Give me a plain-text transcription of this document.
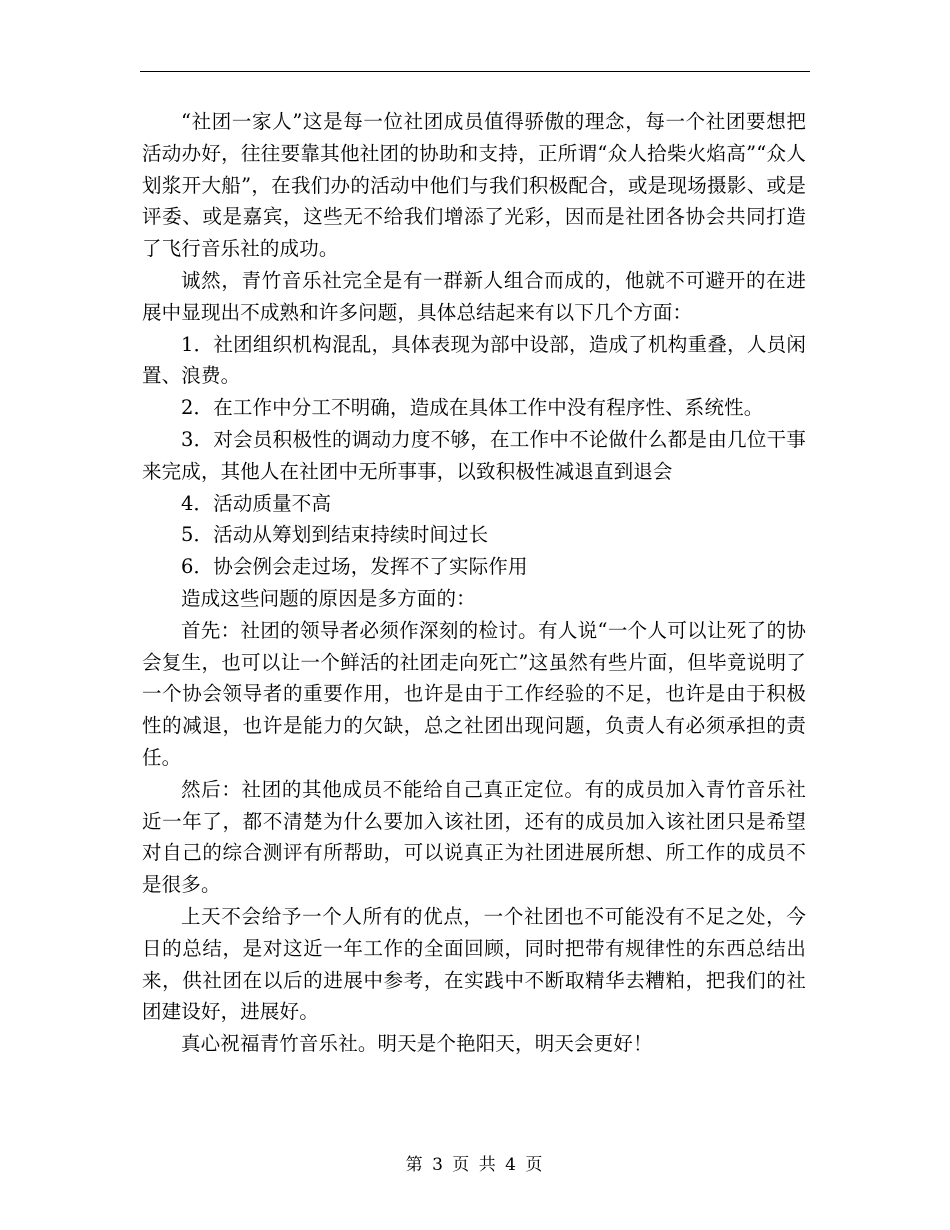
“社团一家人”这是每一位社团成员值得骄傲的理念，每一个社团要想把活动办好，往往要靠其他社团的协助和支持，正所谓“众人拾柴火焰高”“众人划浆开大船”，在我们办的活动中他们与我们积极配合，或是现场摄影、或是评委、或是嘉宾，这些无不给我们增添了光彩，因而是社团各协会共同打造了飞行音乐社的成功。

诚然，青竹音乐社完全是有一群新人组合而成的，他就不可避开的在进展中显现出不成熟和许多问题，具体总结起来有以下几个方面：

1．社团组织机构混乱，具体表现为部中设部，造成了机构重叠，人员闲置、浪费。

2．在工作中分工不明确，造成在具体工作中没有程序性、系统性。

3．对会员积极性的调动力度不够，在工作中不论做什么都是由几位干事来完成，其他人在社团中无所事事，以致积极性减退直到退会

4．活动质量不高

5．活动从筹划到结束持续时间过长

6．协会例会走过场，发挥不了实际作用

造成这些问题的原因是多方面的：

首先：社团的领导者必须作深刻的检讨。有人说“一个人可以让死了的协会复生，也可以让一个鲜活的社团走向死亡”这虽然有些片面，但毕竟说明了一个协会领导者的重要作用，也许是由于工作经验的不足，也许是由于积极性的减退，也许是能力的欠缺，总之社团出现问题，负责人有必须承担的责任。

然后：社团的其他成员不能给自己真正定位。有的成员加入青竹音乐社近一年了，都不清楚为什么要加入该社团，还有的成员加入该社团只是希望对自己的综合测评有所帮助，可以说真正为社团进展所想、所工作的成员不是很多。

上天不会给予一个人所有的优点，一个社团也不可能没有不足之处，今日的总结，是对这近一年工作的全面回顾，同时把带有规律性的东西总结出来，供社团在以后的进展中参考，在实践中不断取精华去糟粕，把我们的社团建设好，进展好。

真心祝福青竹音乐社。明天是个艳阳天，明天会更好！

第 3 页 共 4 页
